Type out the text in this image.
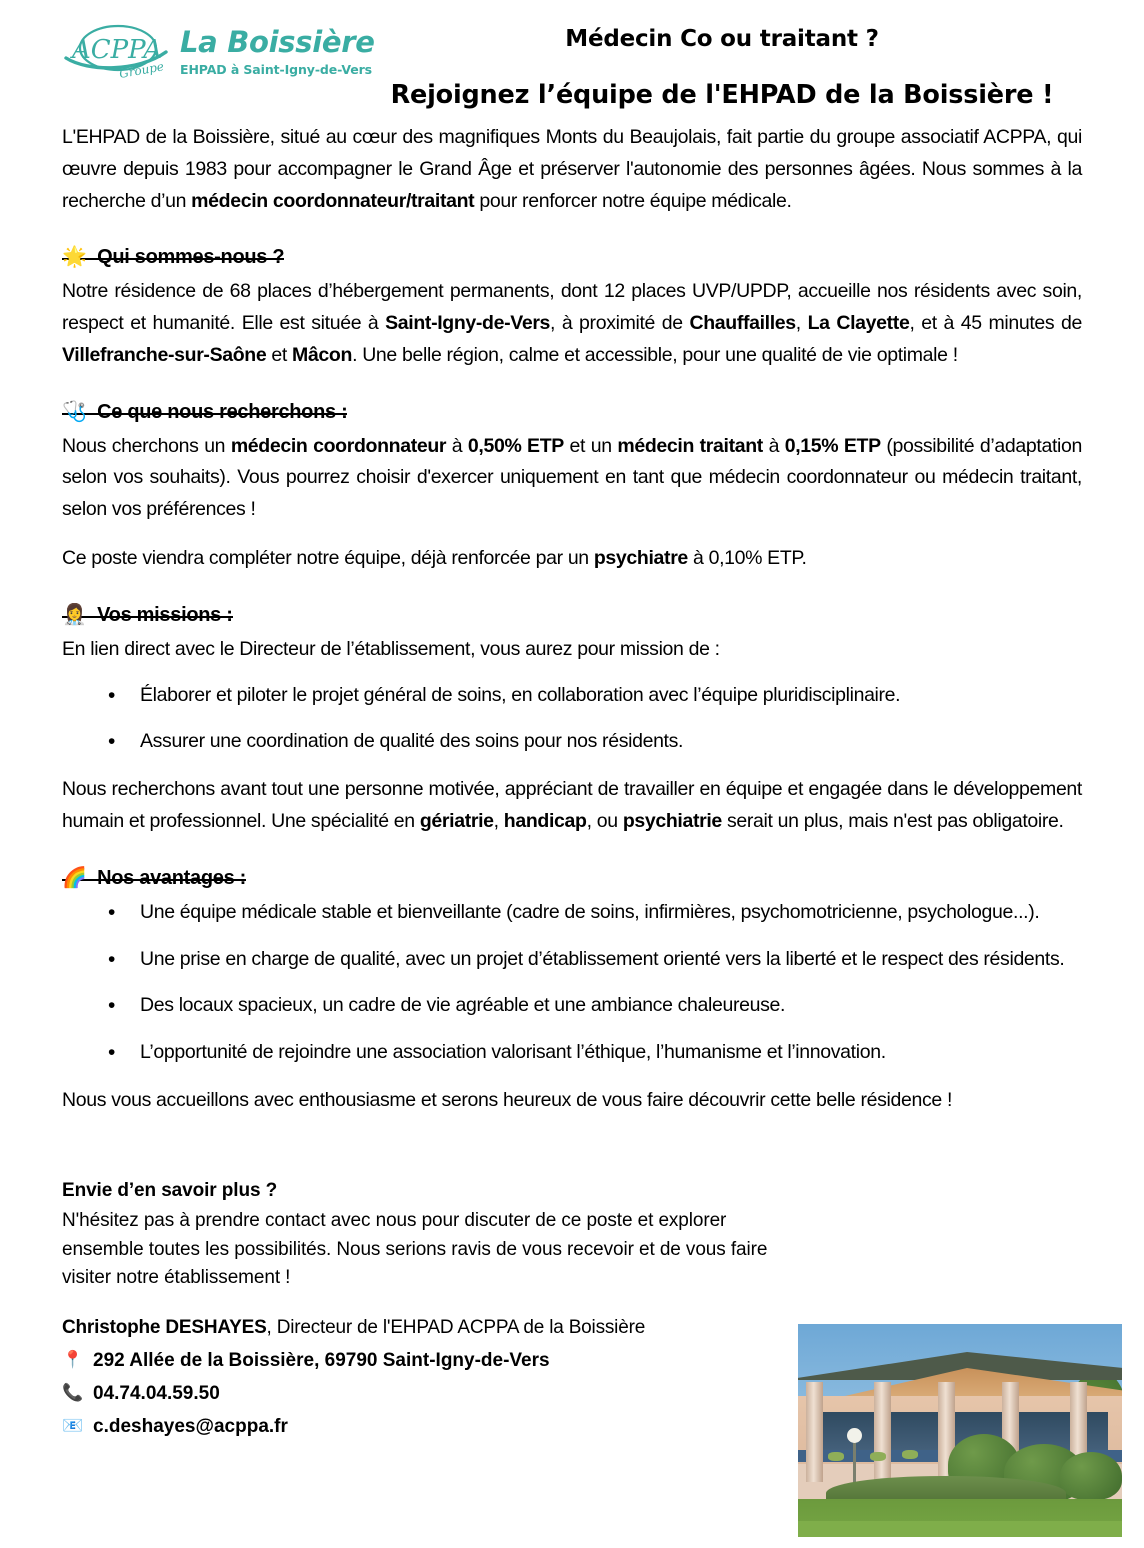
ACPPA
Groupe
La Boissière
EHPAD à Saint-Igny-de-Vers
Médecin Co ou traitant ?
Rejoignez l’équipe de l'EHPAD de la Boissière !

L'EHPAD de la Boissière, situé au cœur des magnifiques Monts du Beaujolais, fait partie du groupe associatif ACPPA, qui œuvre depuis 1983 pour accompagner le Grand Âge et préserver l'autonomie des personnes âgées. Nous sommes à la recherche d’un médecin coordonnateur/traitant pour renforcer notre équipe médicale.

🌟 Qui sommes-nous ?

Notre résidence de 68 places d’hébergement permanents, dont 12 places UVP/UPDP, accueille nos résidents avec soin, respect et humanité. Elle est située à Saint-Igny-de-Vers, à proximité de Chauffailles, La Clayette, et à 45 minutes de Villefranche-sur-Saône et Mâcon. Une belle région, calme et accessible, pour une qualité de vie optimale !

🩺 Ce que nous recherchons :

Nous cherchons un médecin coordonnateur à 0,50% ETP et un médecin traitant à 0,15% ETP (possibilité d’adaptation selon vos souhaits). Vous pourrez choisir d'exercer uniquement en tant que médecin coordonnateur ou médecin traitant, selon vos préférences !

Ce poste viendra compléter notre équipe, déjà renforcée par un psychiatre à 0,10% ETP.

👩‍⚕️ Vos missions :

En lien direct avec le Directeur de l’établissement, vous aurez pour mission de :

• Élaborer et piloter le projet général de soins, en collaboration avec l’équipe pluridisciplinaire.
• Assurer une coordination de qualité des soins pour nos résidents.

Nous recherchons avant tout une personne motivée, appréciant de travailler en équipe et engagée dans le développement humain et professionnel. Une spécialité en gériatrie, handicap, ou psychiatrie serait un plus, mais n'est pas obligatoire.

🌈 Nos avantages :
• Une équipe médicale stable et bienveillante (cadre de soins, infirmières, psychomotricienne, psychologue...).
• Une prise en charge de qualité, avec un projet d’établissement orienté vers la liberté et le respect des résidents.
• Des locaux spacieux, un cadre de vie agréable et une ambiance chaleureuse.
• L’opportunité de rejoindre une association valorisant l’éthique, l’humanisme et l’innovation.

Nous vous accueillons avec enthousiasme et serons heureux de vous faire découvrir cette belle résidence !

Envie d’en savoir plus ?
N'hésitez pas à prendre contact avec nous pour discuter de ce poste et explorer ensemble toutes les possibilités. Nous serions ravis de vous recevoir et de vous faire visiter notre établissement !
Christophe DESHAYES, Directeur de l'EHPAD ACPPA de la Boissière
📍 292 Allée de la Boissière, 69790 Saint-Igny-de-Vers
📞 04.74.04.59.50
📧 c.deshayes@acppa.fr
